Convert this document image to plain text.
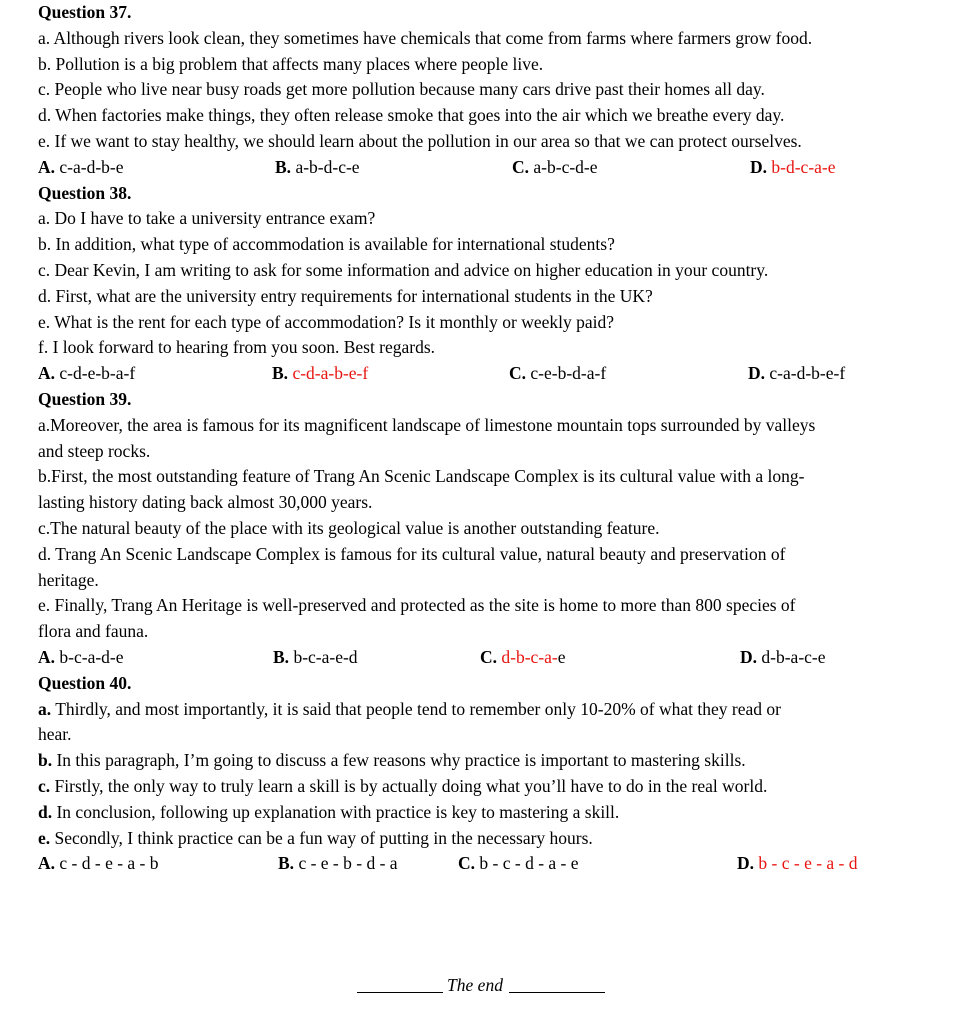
Question 37.
a. Although rivers look clean, they sometimes have chemicals that come from farms where farmers grow food.
b. Pollution is a big problem that affects many places where people live.
c. People who live near busy roads get more pollution because many cars drive past their homes all day.
d. When factories make things, they often release smoke that goes into the air which we breathe every day.
e. If we want to stay healthy, we should learn about the pollution in our area so that we can protect ourselves.
A. c-a-d-b-e	B. a-b-d-c-e	C. a-b-c-d-e	D. b-d-c-a-e
Question 38.
a. Do I have to take a university entrance exam?
b. In addition, what type of accommodation is available for international students?
c. Dear Kevin, I am writing to ask for some information and advice on higher education in your country.
d. First, what are the university entry requirements for international students in the UK?
e. What is the rent for each type of accommodation? Is it monthly or weekly paid?
f. I look forward to hearing from you soon. Best regards.
A. c-d-e-b-a-f	B. c-d-a-b-e-f	C. c-e-b-d-a-f	D. c-a-d-b-e-f
Question 39.
a.Moreover, the area is famous for its magnificent landscape of limestone mountain tops surrounded by valleys
and steep rocks.
b.First, the most outstanding feature of Trang An Scenic Landscape Complex is its cultural value with a long-
lasting history dating back almost 30,000 years.
c.The natural beauty of the place with its geological value is another outstanding feature.
d. Trang An Scenic Landscape Complex is famous for its cultural value, natural beauty and preservation of
heritage.
e. Finally, Trang An Heritage is well-preserved and protected as the site is home to more than 800 species of
flora and fauna.
A. b-c-a-d-e	B. b-c-a-e-d	C. d-b-c-a-e	D. d-b-a-c-e
Question 40.
a. Thirdly, and most importantly, it is said that people tend to remember only 10-20% of what they read or
hear.
b. In this paragraph, I’m going to discuss a few reasons why practice is important to mastering skills.
c. Firstly, the only way to truly learn a skill is by actually doing what you’ll have to do in the real world.
d. In conclusion, following up explanation with practice is key to mastering a skill.
e. Secondly, I think practice can be a fun way of putting in the necessary hours.
A. c - d - e - a - b	B. c - e - b - d - a	C. b - c - d - a - e	D. b - c - e - a - d
The end
